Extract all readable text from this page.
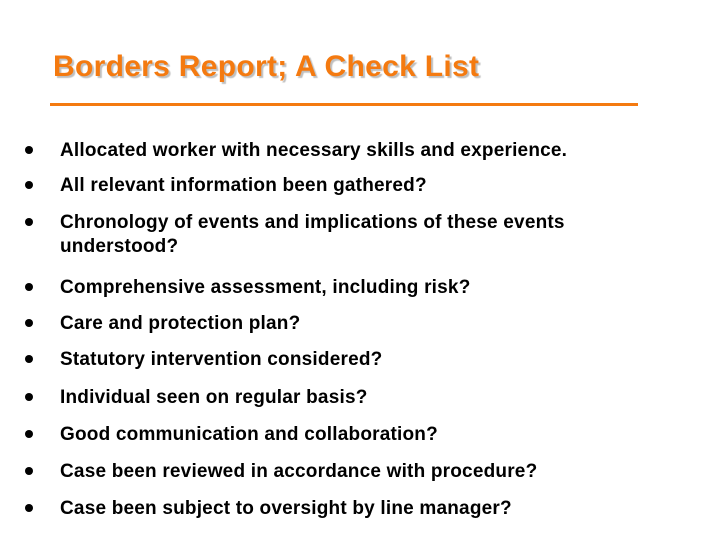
Borders Report; A Check List
Allocated worker with necessary skills and experience.
All relevant information been gathered?
Chronology of events and implications of these events understood?
Comprehensive assessment, including risk?
Care and protection plan?
Statutory intervention considered?
Individual seen on regular basis?
Good communication and collaboration?
Case been reviewed in accordance with procedure?
Case been subject to oversight by line manager?
